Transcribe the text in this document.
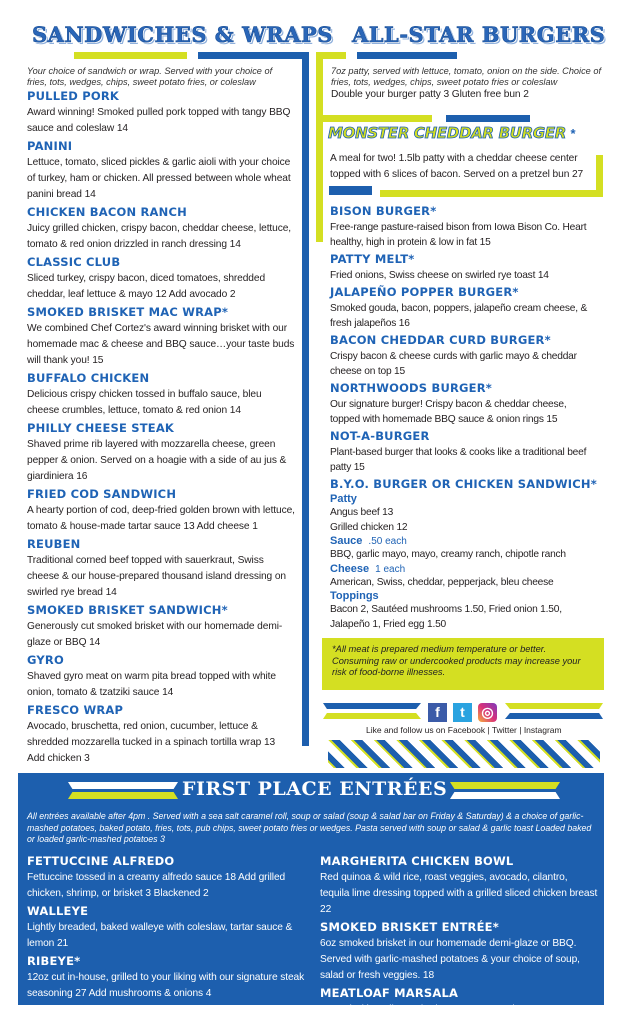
SANDWICHES & WRAPS
Your choice of sandwich or wrap. Served with your choice of fries, tots, wedges, chips, sweet potato fries, or coleslaw
PULLED PORK
Award winning! Smoked pulled pork topped with tangy BBQ sauce and coleslaw 14
PANINI
Lettuce, tomato, sliced pickles & garlic aioli with your choice of turkey, ham or chicken. All pressed between whole wheat panini bread 14
CHICKEN BACON RANCH
Juicy grilled chicken, crispy bacon, cheddar cheese, lettuce, tomato & red onion drizzled in ranch dressing 14
CLASSIC CLUB
Sliced turkey, crispy bacon, diced tomatoes, shredded cheddar, leaf lettuce & mayo 12 Add avocado 2
SMOKED BRISKET MAC WRAP*
We combined Chef Cortez's award winning brisket with our homemade mac & cheese and BBQ sauce…your taste buds will thank you! 15
BUFFALO CHICKEN
Delicious crispy chicken tossed in buffalo sauce, bleu cheese crumbles, lettuce, tomato & red onion 14
PHILLY CHEESE STEAK
Shaved prime rib layered with mozzarella cheese, green pepper & onion. Served on a hoagie with a side of au jus & giardiniera 16
FRIED COD SANDWICH
A hearty portion of cod, deep-fried golden brown with lettuce, tomato & house-made tartar sauce 13 Add cheese 1
REUBEN
Traditional corned beef topped with sauerkraut, Swiss cheese & our house-prepared thousand island dressing on swirled rye bread 14
SMOKED BRISKET SANDWICH*
Generously cut smoked brisket with our homemade demi-glaze or BBQ 14
GYRO
Shaved gyro meat on warm pita bread topped with white onion, tomato & tzatziki sauce 14
FRESCO WRAP
Avocado, bruschetta, red onion, cucumber, lettuce & shredded mozzarella tucked in a spinach tortilla wrap 13 Add chicken 3
ALL-STAR BURGERS
7oz patty, served with lettuce, tomato, onion on the side. Choice of fries, tots, wedges, chips, sweet potato fries or coleslaw
Double your burger patty 3 Gluten free bun 2
MONSTER CHEDDAR BURGER *
A meal for two! 1.5lb patty with a cheddar cheese center topped with 6 slices of bacon. Served on a pretzel bun 27
BISON BURGER*
Free-range pasture-raised bison from Iowa Bison Co. Heart healthy, high in protein & low in fat 15
PATTY MELT*
Fried onions, Swiss cheese on swirled rye toast 14
JALAPEÑO POPPER BURGER*
Smoked gouda, bacon, poppers, jalapeño cream cheese, & fresh jalapeños 16
BACON CHEDDAR CURD BURGER*
Crispy bacon & cheese curds with garlic mayo & cheddar cheese on top 15
NORTHWOODS BURGER*
Our signature burger! Crispy bacon & cheddar cheese, topped with homemade BBQ sauce & onion rings 15
NOT-A-BURGER
Plant-based burger that looks & cooks like a traditional beef patty 15
B.Y.O. BURGER OR CHICKEN SANDWICH*
Patty
Angus beef 13
Grilled chicken 12
Sauce .50 each
BBQ, garlic mayo, mayo, creamy ranch, chipotle ranch
Cheese 1 each
American, Swiss, cheddar, pepperjack, bleu cheese
Toppings
Bacon 2, Sautéed mushrooms 1.50, Fried onion 1.50, Jalapeño 1, Fried egg 1.50
*All meat is prepared medium temperature or better. Consuming raw or undercooked products may increase your risk of food-borne illnesses.
f	t	◎
Like and follow us on Facebook | Twitter | Instagram
FIRST PLACE ENTRÉES
All entrées available after 4pm . Served with a sea salt caramel roll, soup or salad (soup & salad bar on Friday & Saturday) & a choice of garlic-mashed potatoes, baked potato, fries, tots, pub chips, sweet potato fries or wedges. Pasta served with soup or salad & garlic toast Loaded baked or loaded garlic-mashed potatoes 3
FETTUCCINE ALFREDO
Fettuccine tossed in a creamy alfredo sauce 18 Add grilled chicken, shrimp, or brisket 3 Blackened 2
WALLEYE
Lightly breaded, baked walleye with coleslaw, tartar sauce & lemon 21
RIBEYE*
12oz cut in-house, grilled to your liking with our signature steak seasoning 27 Add mushrooms & onions 4
MARGHERITA CHICKEN BOWL
Red quinoa & wild rice, roast veggies, avocado, cilantro, tequila lime dressing topped with a grilled sliced chicken breast 22
SMOKED BRISKET ENTRÉE*
6oz smoked brisket in our homemade demi-glaze or BBQ. Served with garlic-mashed potatoes & your choice of soup, salad or fresh veggies. 18
MEATLOAF MARSALA
Served with garlic-mashed potatoes & veggies 17
